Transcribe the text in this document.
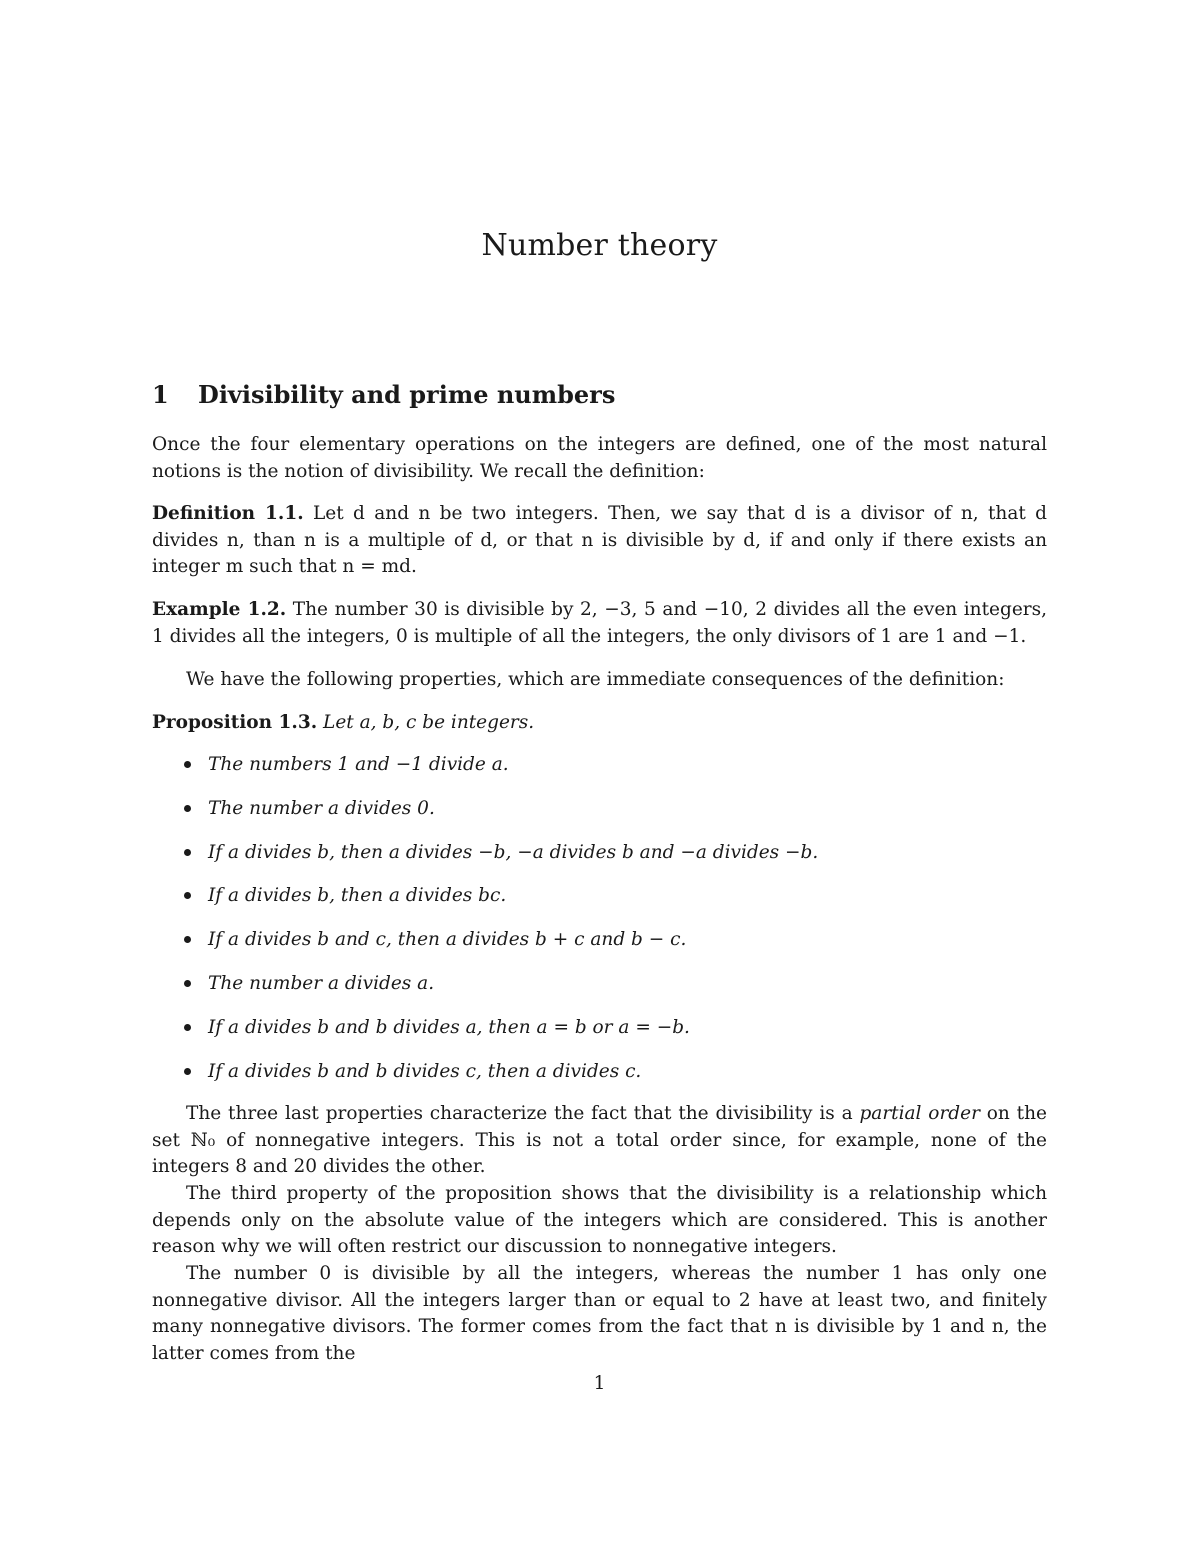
Number theory
1 Divisibility and prime numbers

Once the four elementary operations on the integers are defined, one of the most natural notions is the notion of divisibility. We recall the definition:

Definition 1.1. Let d and n be two integers. Then, we say that d is a divisor of n, that d divides n, than n is a multiple of d, or that n is divisible by d, if and only if there exists an integer m such that n = md.

Example 1.2. The number 30 is divisible by 2, −3, 5 and −10, 2 divides all the even integers, 1 divides all the integers, 0 is multiple of all the integers, the only divisors of 1 are 1 and −1.

We have the following properties, which are immediate consequences of the definition:

Proposition 1.3. Let a, b, c be integers.

The numbers 1 and −1 divide a.
The number a divides 0.
If a divides b, then a divides −b, −a divides b and −a divides −b.
If a divides b, then a divides bc.
If a divides b and c, then a divides b + c and b − c.
The number a divides a.
If a divides b and b divides a, then a = b or a = −b.
If a divides b and b divides c, then a divides c.

The three last properties characterize the fact that the divisibility is a partial order on the set ℕ₀ of nonnegative integers. This is not a total order since, for example, none of the integers 8 and 20 divides the other.

The third property of the proposition shows that the divisibility is a relationship which depends only on the absolute value of the integers which are considered. This is another reason why we will often restrict our discussion to nonnegative integers.

The number 0 is divisible by all the integers, whereas the number 1 has only one nonnegative divisor. All the integers larger than or equal to 2 have at least two, and finitely many nonnegative divisors. The former comes from the fact that n is divisible by 1 and n, the latter comes from the

1
